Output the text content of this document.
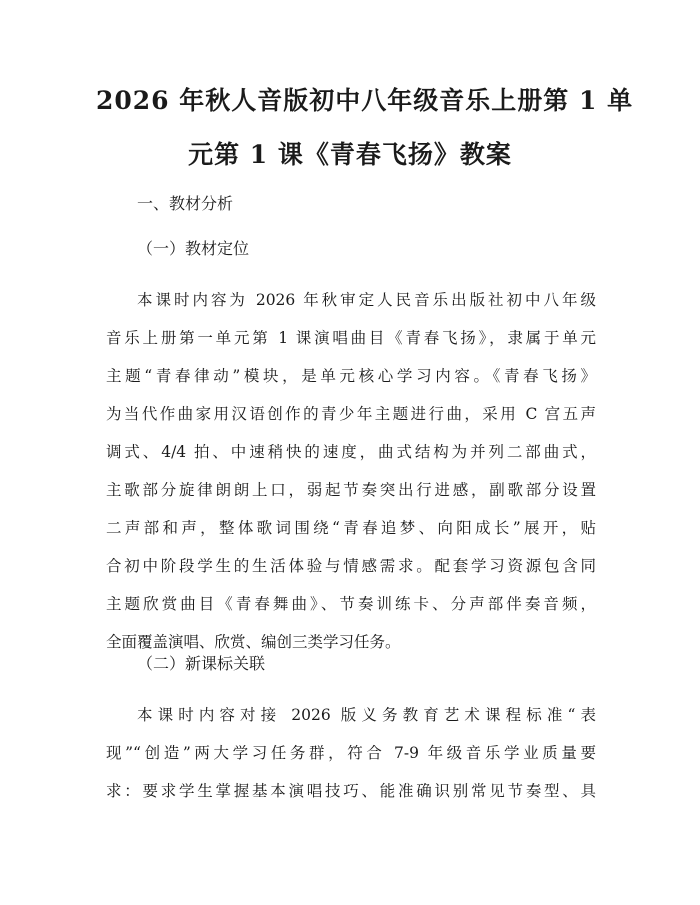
2026 年秋人音版初中八年级音乐上册第 1 单
元第 1 课《青春飞扬》教案

一、教材分析

（一）教材定位

本课时内容为 2026 年秋审定人民音乐出版社初中八年级
音乐上册第一单元第 1 课演唱曲目《青春飞扬》，隶属于单元
主题“青春律动”模块，是单元核心学习内容。《青春飞扬》
为当代作曲家用汉语创作的青少年主题进行曲，采用 C 宫五声
调式、4/4 拍、中速稍快的速度，曲式结构为并列二部曲式，
主歌部分旋律朗朗上口，弱起节奏突出行进感，副歌部分设置
二声部和声，整体歌词围绕“青春追梦、向阳成长”展开，贴
合初中阶段学生的生活体验与情感需求。配套学习资源包含同
主题欣赏曲目《青春舞曲》、节奏训练卡、分声部伴奏音频，
全面覆盖演唱、欣赏、编创三类学习任务。

（二）新课标关联

本课时内容对接 2026 版义务教育艺术课程标准“表
现”“创造”两大学习任务群，符合 7-9 年级音乐学业质量要
求：要求学生掌握基本演唱技巧、能准确识别常见节奏型、具
